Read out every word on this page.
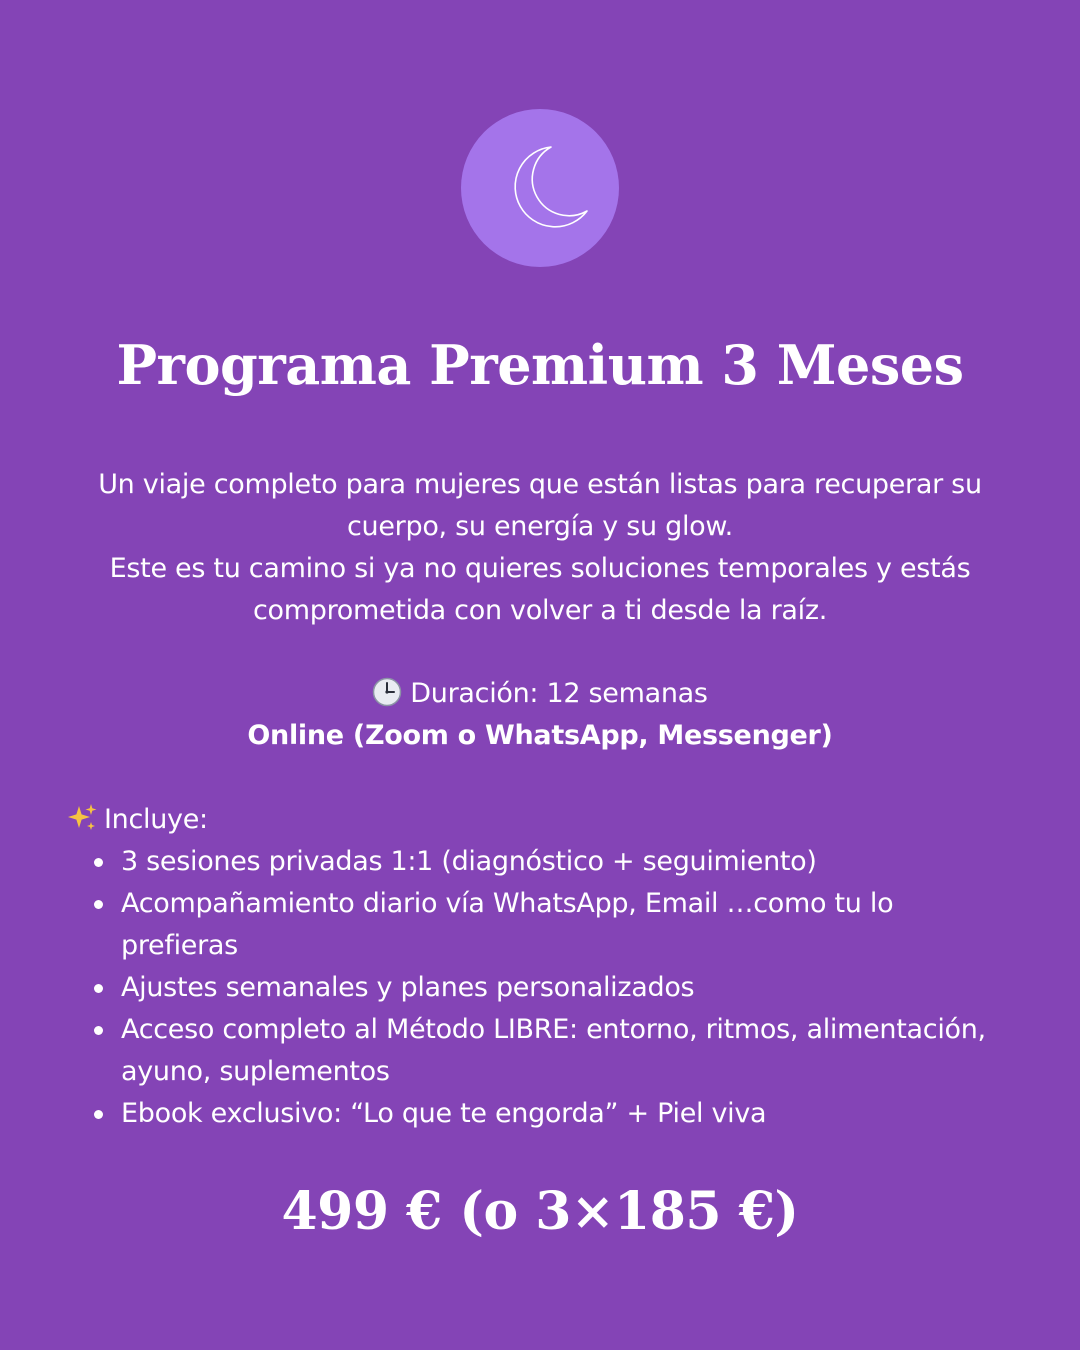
Programa Premium 3 Meses

Un viaje completo para mujeres que están listas para recuperar su cuerpo, su energía y su glow.

Este es tu camino si ya no quieres soluciones temporales y estás comprometida con volver a ti desde la raíz.

Duración: 12 semanas
Online (Zoom o WhatsApp, Messenger)
Incluye:
3 sesiones privadas 1:1 (diagnóstico + seguimiento)
Acompañamiento diario vía WhatsApp, Email …como tu lo prefieras
Ajustes semanales y planes personalizados
Acceso completo al Método LIBRE: entorno, ritmos, alimentación, ayuno, suplementos
Ebook exclusivo: “Lo que te engorda” + Piel viva
499 € (o 3×185 €)
